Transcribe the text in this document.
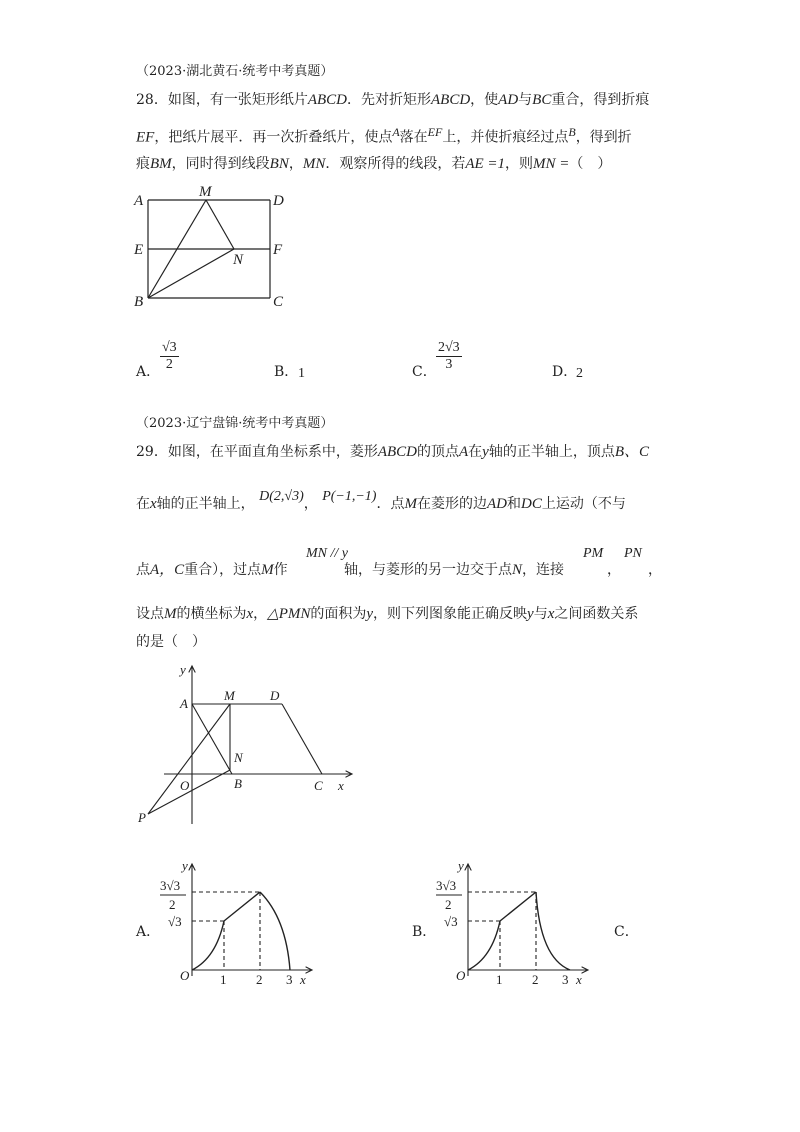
（2023·湖北黄石·统考中考真题）
28．如图，有一张矩形纸片ABCD．先对折矩形ABCD，使AD与BC重合，得到折痕
EF，把纸片展平．再一次折叠纸片，使点$^A$落在$^{EF}$上，并使折痕经过点$^B$，得到折
痕BM，同时得到线段BN，MN．观察所得的线段，若AE =1，则MN =（　）
A
M
D
E
N
F
B	C
A． $\frac{√3}{2}$	B． 1	C． $\frac{2√3}{3}$	D．
2
（2023·辽宁盘锦·统考中考真题）
29．如图，在平面直角坐标系中，菱形ABCD的顶点A在y轴的正半轴上，顶点B、C
在x轴的正半轴上， D(2,√3)， P(−1,−1)．点M在菱形的边AD和DC上运动（不与
点A，C重合），过点M作
MN // y
轴，与菱形的另一边交于点N，连接
PM
，
PN
，
设点M的横坐标为x，△PMN的面积为y，则下列图象能正确反映y与x之间函数关系
的是（　）
y
A
M	D
N
O	B	C x
P
A．
y
3√3
2
√3
O 1 2 3 x
B．
y
3√3
2
√3
O 1 2 3 x
C．
